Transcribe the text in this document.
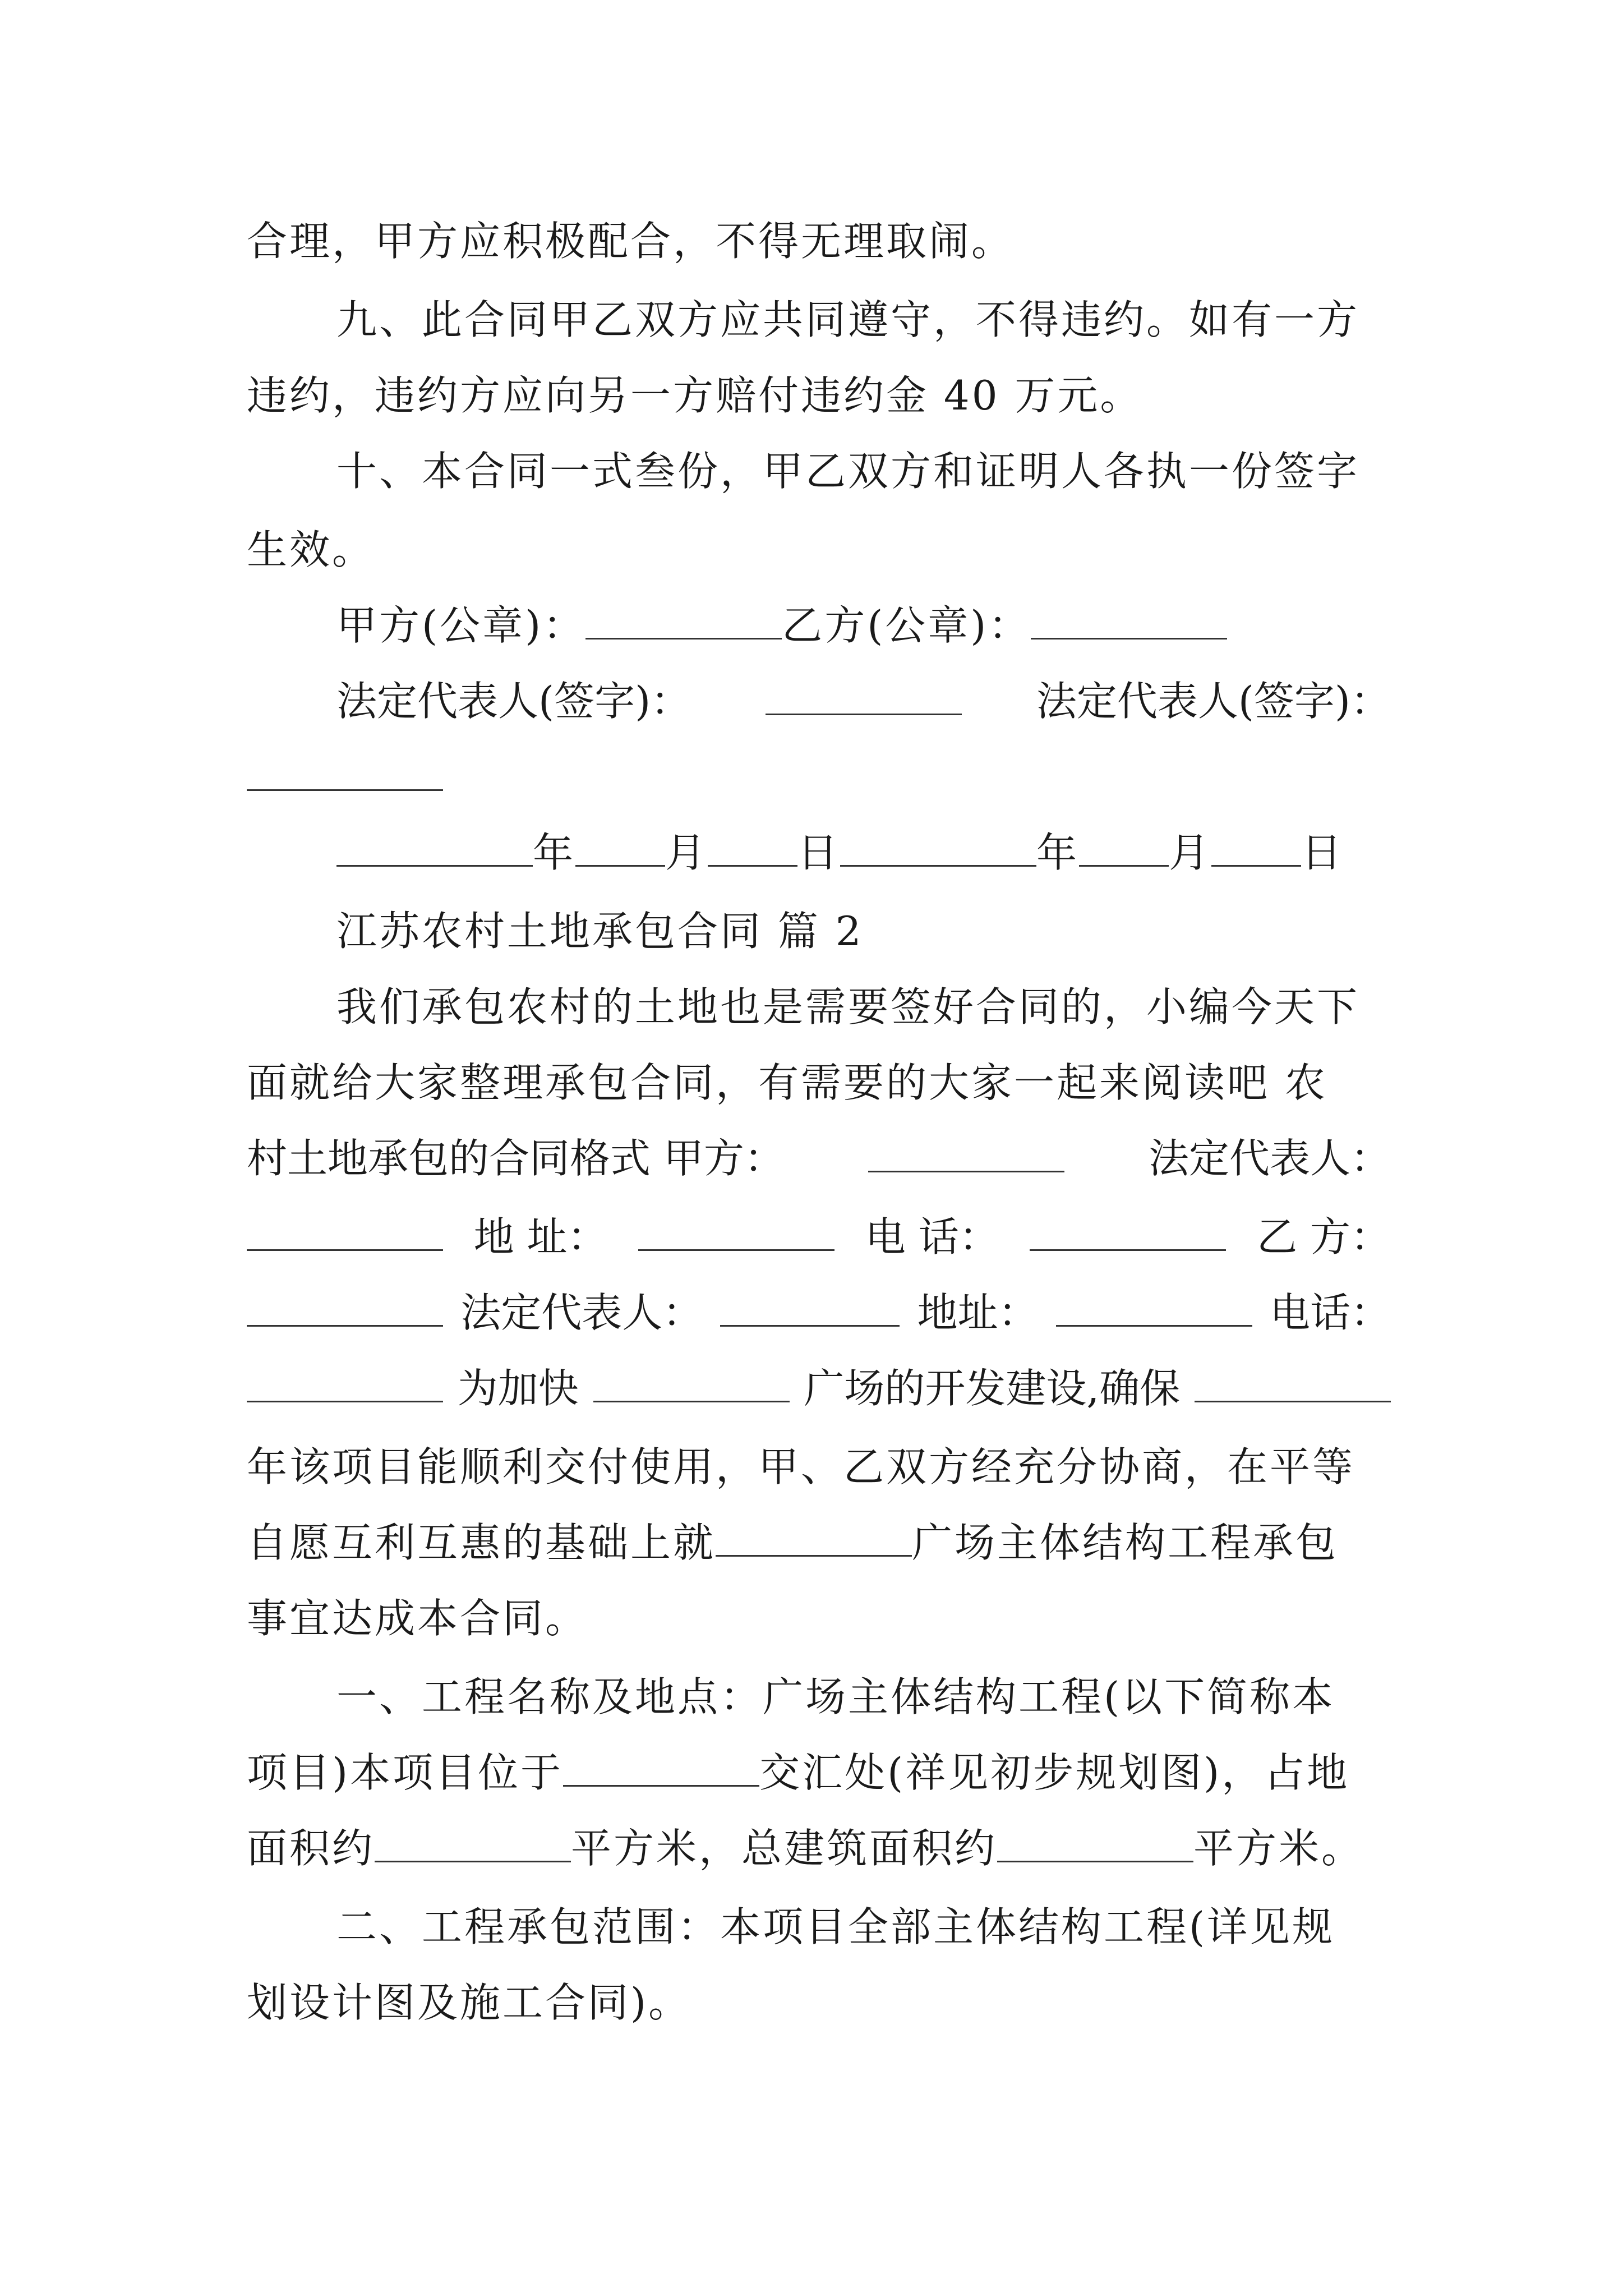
合理，甲方应积极配合，不得无理取闹。
九、此合同甲乙双方应共同遵守，不得违约。如有一方
违约，违约方应向另一方赔付违约金 40 万元。
十、本合同一式叁份，甲乙双方和证明人各执一份签字
生效。
甲方(公章)：	乙方(公章)：
法定代表人(签字)：	法定代表人(签字)：
年 月 日	年 月 日
江苏农村土地承包合同 篇 2
我们承包农村的土地也是需要签好合同的，小编今天下
面就给大家整理承包合同，有需要的大家一起来阅读吧 农
村土地承包的合同格式 甲方：	法定代表人：
地 址：	电 话：	乙 方：
法定代表人：	地址：	电话：
为加快	广场的开发建设,确保
年该项目能顺利交付使用，甲、乙双方经充分协商，在平等
自愿互利互惠的基础上就	广场主体结构工程承包
事宜达成本合同。
一、工程名称及地点：广场主体结构工程(以下简称本
项目)本项目位于	交汇处(祥见初步规划图)，占地
面积约	平方米，总建筑面积约	平方米。
二、工程承包范围：本项目全部主体结构工程(详见规
划设计图及施工合同)。
